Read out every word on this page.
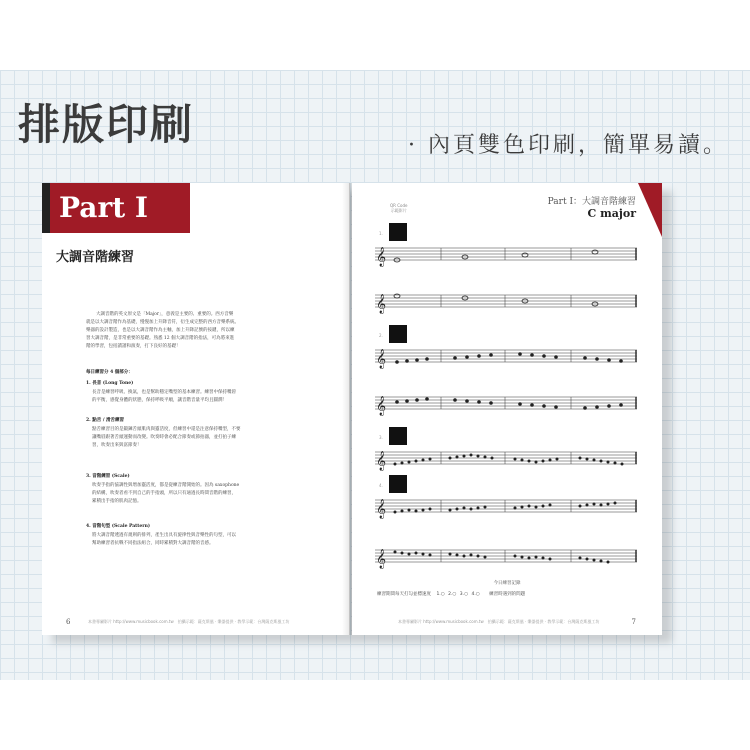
排版印刷	· 內頁雙色印刷，簡單易讀。
Part I
大調音階練習
大調音階的英文原文是「Major」，意義是主要的、重要的。西方音樂
就是以大調音階作為基礎，慢慢加上升降音符，衍生成完整的西方音樂系統。
樂器的設計製造，也是以大調音階作為主軸，加上升降記號的按鍵，所以練
習大調音階，是非常重要的基礎。熟悉 12 個大調音階的指法，可為將來進
階的學習，包括讀譜和演奏，打下良好的基礎！
每日練習分 4 個部分：
1. 長音 (Long Tone)
長音是練習呼吸、換氣，也是幫助穩定嘴型的基本練習。練習中保持嘴唇
的平衡，感覺身體的狀態，保持呼吸平順，讓音階音量平均且圓潤！
2. 點舌 / 滑舌練習
點舌練習目的是鍛鍊舌頭肌肉與靈活度，但練習中還是注意保持嘴型，不要
讓嘴唇跟著舌頭運動而改變。吹奏時會必配合節奏或節拍器，並打拍子練
習，吹奏出來與富節奏！
3. 音階練習 (Scale)
吹奏手指的協調性與增加靈活度，都是從練音階開始的。因為 saxophone
的結構，吹奏者看不到自己的手指頭，所以只有通過長時間音階的練習，
累積出手指的肌肉記憶。
4. 音階句型 (Scale Pattern)
將大調音階透過有規則的排列，產生出具有旋律性與音樂性的句型，可以
幫助練習者抗戰不同指法組合，同時累積對大調音階的音感。
6	本書專屬影片 http://www.musicbook.com.tw　拍攝示範：薩克斯風 · 樂器提供 · 教學示範：台灣薩克斯風工坊
QR Code
示範影片
Part I：大調音階練習
C major
1.
𝄞
𝄞
2.
𝄞
𝄞
3.
𝄞
4.
𝄞
𝄞
今日練習記錄
練習期間每天打勾並標速度 1.○ 2.○ 3.○ 4.○ 練習時遇到的問題
本書專屬影片 http://www.musicbook.com.tw　拍攝示範：薩克斯風 · 樂器提供 · 教學示範：台灣薩克斯風工坊	7
